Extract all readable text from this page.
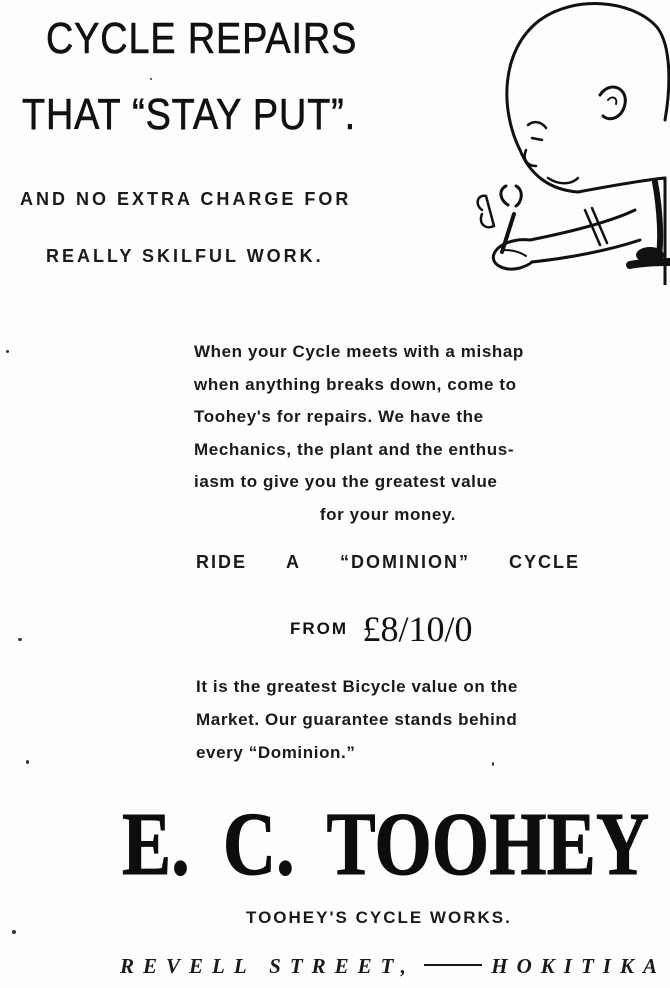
CYCLE REPAIRS
THAT “STAY PUT”.
AND NO EXTRA CHARGE FOR
REALLY SKILFUL WORK.
When your Cycle meets with a mishap
when anything breaks down, come to
Toohey's for repairs. We have the
Mechanics, the plant and the enthus-
iasm to give you the greatest value
for your money.
RIDE A “DOMINION” CYCLE
FROM £8/10/0
It is the greatest Bicycle value on the
Market. Our guarantee stands behind
every “Dominion.”
E. C. TOOHEY
TOOHEY'S CYCLE WORKS.
REVELL STREET,	HOKITIKA
